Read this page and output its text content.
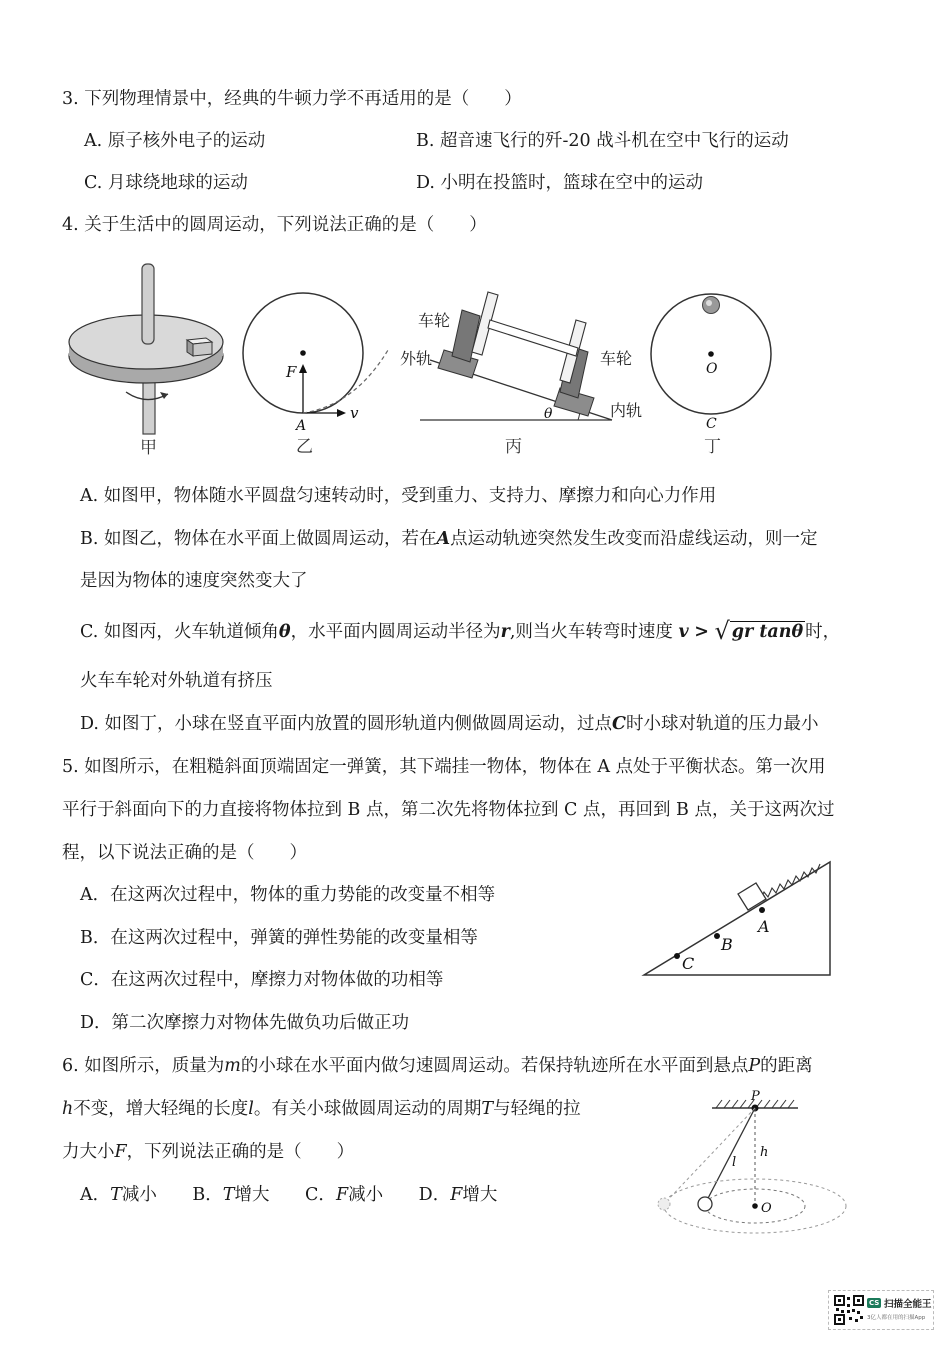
3. 下列物理情景中，经典的牛顿力学不再适用的是（　　）
A. 原子核外电子的运动	B. 超音速飞行的歼-20 战斗机在空中飞行的运动
C. 月球绕地球的运动	D. 小明在投篮时，篮球在空中的运动
4. 关于生活中的圆周运动，下列说法正确的是（　　）
甲
F
v
A
乙
θ
车轮
外轨	车轮
内轨
丙
O
C
丁
A. 如图甲，物体随水平圆盘匀速转动时，受到重力、支持力、摩擦力和向心力作用
B. 如图乙，物体在水平面上做圆周运动，若在A点运动轨迹突然发生改变而沿虚线运动，则一定
是因为物体的速度突然变大了
C. 如图丙，火车轨道倾角θ，水平面内圆周运动半径为r,则当火车转弯时速度 v > √ gr tanθ 时，
火车车轮对外轨道有挤压
D. 如图丁，小球在竖直平面内放置的圆形轨道内侧做圆周运动，过点C时小球对轨道的压力最小
5. 如图所示，在粗糙斜面顶端固定一弹簧，其下端挂一物体，物体在 A 点处于平衡状态。第一次用
平行于斜面向下的力直接将物体拉到 B 点，第二次先将物体拉到 C 点，再回到 B 点，关于这两次过
程，以下说法正确的是（　　）
A
B
C
A．在这两次过程中，物体的重力势能的改变量不相等
B．在这两次过程中，弹簧的弹性势能的改变量相等
C．在这两次过程中，摩擦力对物体做的功相等
D．第二次摩擦力对物体先做负功后做正功
6. 如图所示，质量为m的小球在水平面内做匀速圆周运动。若保持轨迹所在水平面到悬点P的距离
h不变，增大轻绳的长度l。有关小球做圆周运动的周期T与轻绳的拉
力大小F，下列说法正确的是（　　）
A．T减小 B．T增大 C．F减小 D．F增大
P
h
l
O
CS 扫描全能王
3亿人都在用的扫描App
